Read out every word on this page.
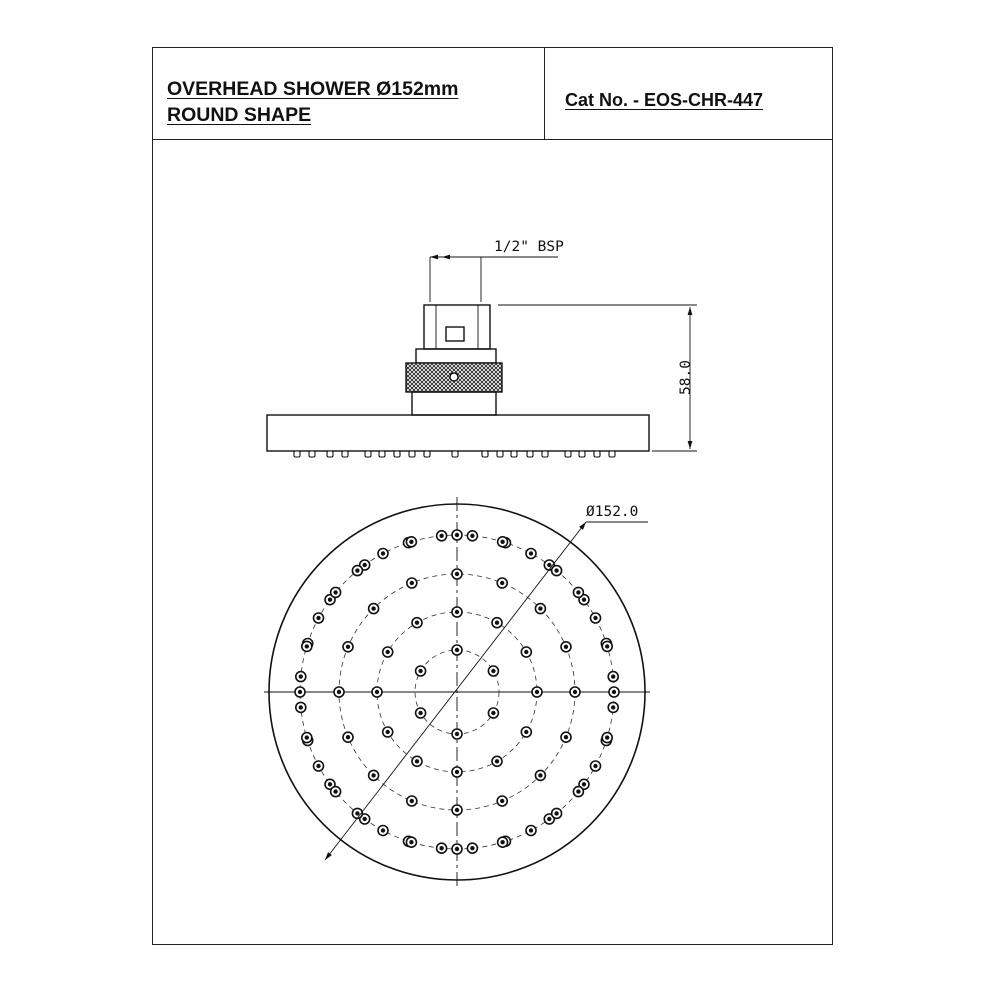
OVERHEAD SHOWER Ø152mm
ROUND SHAPE
Cat No. - EOS-CHR-447
1/2" BSP
58.0
Ø152.0
